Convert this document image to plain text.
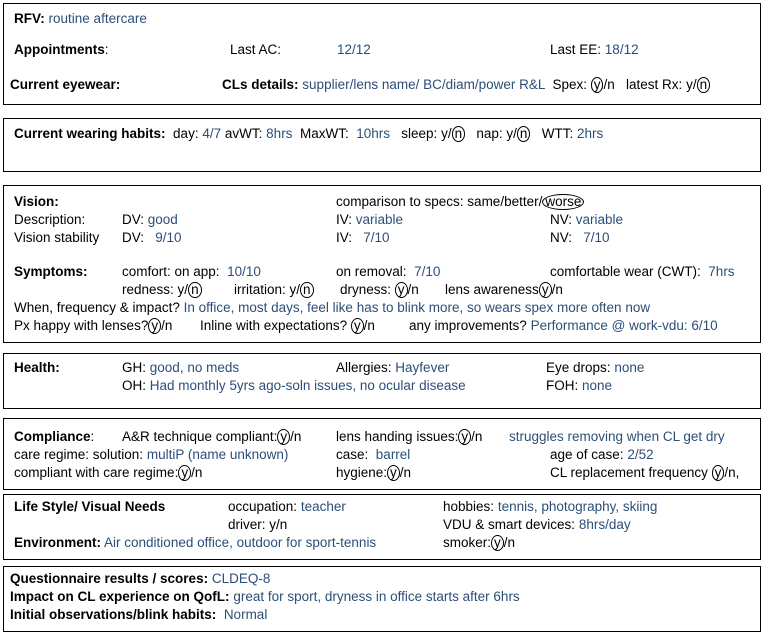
RFV: routine aftercare
Appointments:	Last AC:	12/12	Last EE: 18/12
Current eyewear:	CLs details: supplier/lens name/ BC/diam/power R&L Spex: y /n latest Rx: y/ n
Current wearing habits: day: 4/7 avWT: 8hrs MaxWT: 10hrs sleep: y/ n nap: y/ n WTT: 2hrs
Vision:	comparison to specs: same/better/ worse
Description:	DV: good	IV: variable	NV: variable
Vision stability DV: 9/10	IV: 7/10	NV: 7/10
Symptoms:	comfort: on app: 10/10	on removal: 7/10	comfortable wear (CWT): 7hrs
redness: y/ n	irritation: y/ n dryness: y /n lens awareness y /n
When, frequency & impact? In office, most days, feel like has to blink more, so wears spex more often now
Px happy with lenses? y /n Inline with expectations? y /n	any improvements? Performance @ work-vdu: 6/10
Health:	GH: good, no meds	Allergies: Hayfever	Eye drops: none
OH: Had monthly 5yrs ago-soln issues, no ocular disease	FOH: none
Compliance: A&R technique compliant: y /n	lens handing issues: y /n struggles removing when CL get dry
care regime: solution: multiP (name unknown)	case: barrel	age of case: 2/52
compliant with care regime: y /n	hygiene: y /n	CL replacement frequency y /n,
Life Style/ Visual Needs	occupation: teacher	hobbies: tennis, photography, skiing
driver: y/n	VDU & smart devices: 8hrs/day
Environment: Air conditioned office, outdoor for sport-tennis	smoker: y /n
Questionnaire results / scores: CLDEQ-8
Impact on CL experience on QofL: great for sport, dryness in office starts after 6hrs
Initial observations/blink habits: Normal
